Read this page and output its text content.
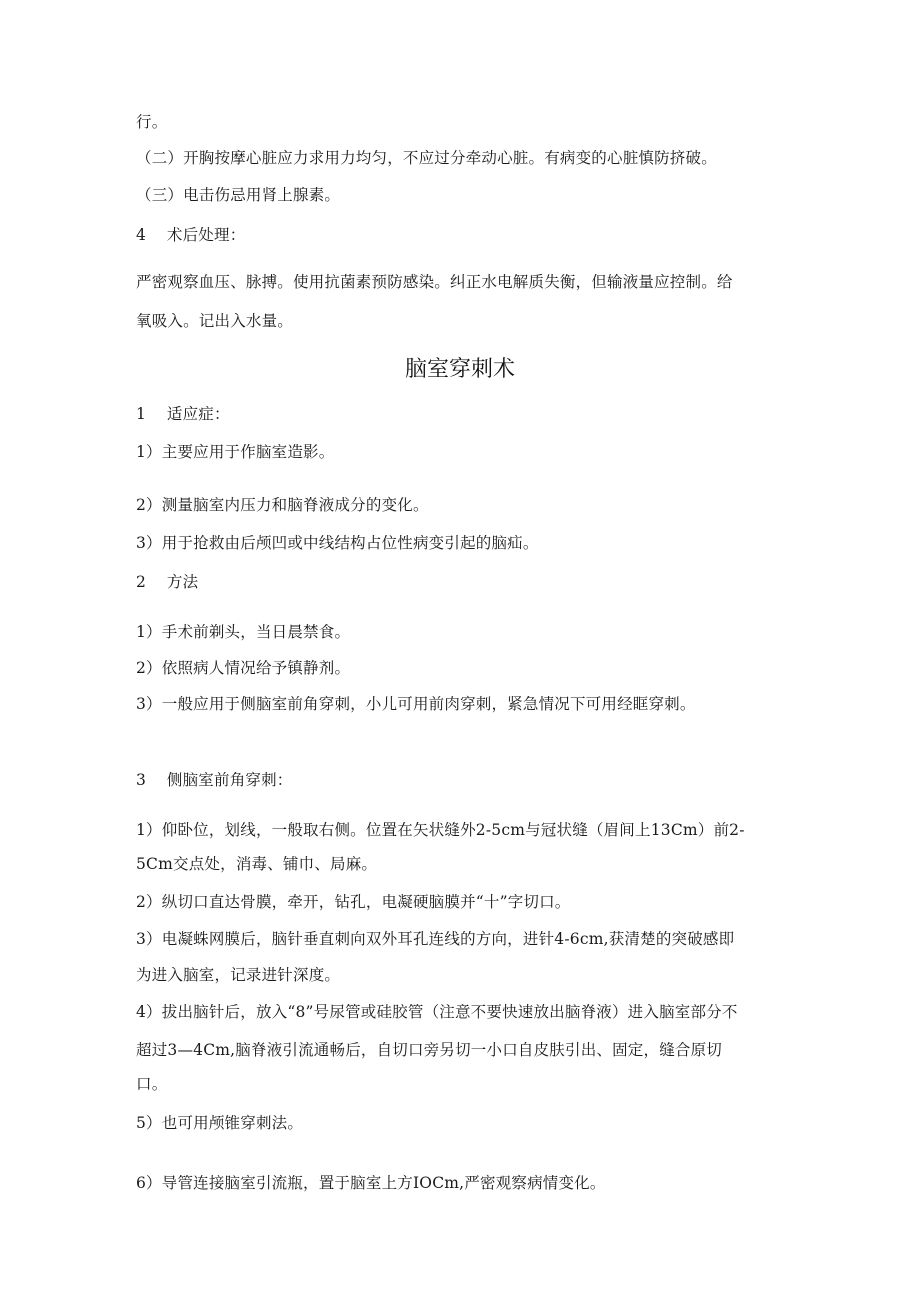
行。
（二）开胸按摩心脏应力求用力均匀，不应过分牵动心脏。有病变的心脏慎防挤破。
（三）电击伤忌用肾上腺素。
4　 术后处理：
严密观察血压、脉搏。使用抗菌素预防感染。纠正水电解质失衡，但输液量应控制。给
氧吸入。记出入水量。
脑室穿刺术
1　 适应症：
1）主要应用于作脑室造影。
2）测量脑室内压力和脑脊液成分的变化。
3）用于抢救由后颅凹或中线结构占位性病变引起的脑疝。
2　 方法
1）手术前剃头，当日晨禁食。
2）依照病人情况给予镇静剂。
3）一般应用于侧脑室前角穿刺，小儿可用前肉穿刺，紧急情况下可用经眶穿刺。
3　 侧脑室前角穿刺：
1）仰卧位，划线，一般取右侧。位置在矢状缝外2-5cm与冠状缝（眉间上13Cm）前2-
5Cm交点处，消毒、铺巾、局麻。
2）纵切口直达骨膜，牵开，钻孔，电凝硬脑膜并“十”字切口。
3）电凝蛛网膜后，脑针垂直刺向双外耳孔连线的方向，进针4-6cm,获清楚的突破感即
为进入脑室，记录进针深度。
4）拔出脑针后，放入“8”号尿管或硅胶管（注意不要快速放出脑脊液）进入脑室部分不
超过3—4Cm,脑脊液引流通畅后，自切口旁另切一小口自皮肤引出、固定，缝合原切
口。
5）也可用颅锥穿刺法。
6）导管连接脑室引流瓶，置于脑室上方IOCm,严密观察病情变化。
